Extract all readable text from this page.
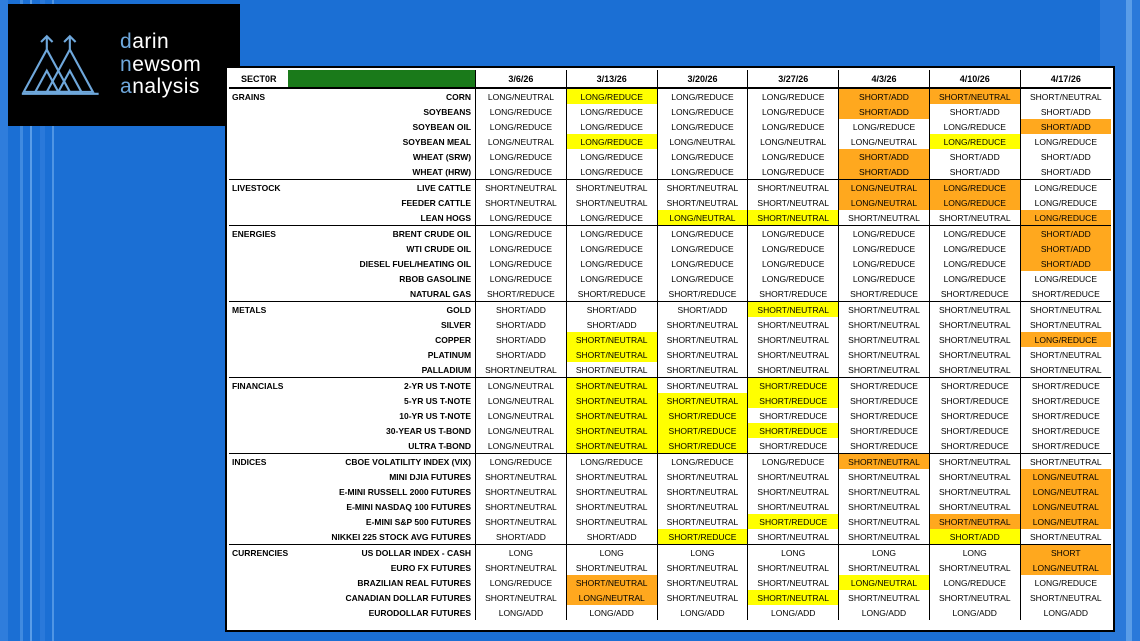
darin
newsom
analysis	SECT0R		3/6/26	3/13/26	3/20/26	3/27/26	4/3/26	4/10/26	4/17/26
GRAINS	CORN	LONG/NEUTRAL	LONG/REDUCE	LONG/REDUCE	LONG/REDUCE	SHORT/ADD	SHORT/NEUTRAL	SHORT/NEUTRAL
	SOYBEANS	LONG/REDUCE	LONG/REDUCE	LONG/REDUCE	LONG/REDUCE	SHORT/ADD	SHORT/ADD	SHORT/ADD
	SOYBEAN OIL	LONG/REDUCE	LONG/REDUCE	LONG/REDUCE	LONG/REDUCE	LONG/REDUCE	LONG/REDUCE	SHORT/ADD
	SOYBEAN MEAL	LONG/NEUTRAL	LONG/REDUCE	LONG/NEUTRAL	LONG/NEUTRAL	LONG/NEUTRAL	LONG/REDUCE	LONG/REDUCE
	WHEAT (SRW)	LONG/REDUCE	LONG/REDUCE	LONG/REDUCE	LONG/REDUCE	SHORT/ADD	SHORT/ADD	SHORT/ADD
	WHEAT (HRW)	LONG/REDUCE	LONG/REDUCE	LONG/REDUCE	LONG/REDUCE	SHORT/ADD	SHORT/ADD	SHORT/ADD
LIVESTOCK	LIVE CATTLE	SHORT/NEUTRAL	SHORT/NEUTRAL	SHORT/NEUTRAL	SHORT/NEUTRAL	LONG/NEUTRAL	LONG/REDUCE	LONG/REDUCE
	FEEDER CATTLE	SHORT/NEUTRAL	SHORT/NEUTRAL	SHORT/NEUTRAL	SHORT/NEUTRAL	LONG/NEUTRAL	LONG/REDUCE	LONG/REDUCE
	LEAN HOGS	LONG/REDUCE	LONG/REDUCE	LONG/NEUTRAL	SHORT/NEUTRAL	SHORT/NEUTRAL	SHORT/NEUTRAL	LONG/REDUCE
ENERGIES	BRENT CRUDE OIL	LONG/REDUCE	LONG/REDUCE	LONG/REDUCE	LONG/REDUCE	LONG/REDUCE	LONG/REDUCE	SHORT/ADD
	WTI CRUDE OIL	LONG/REDUCE	LONG/REDUCE	LONG/REDUCE	LONG/REDUCE	LONG/REDUCE	LONG/REDUCE	SHORT/ADD
	DIESEL FUEL/HEATING OIL	LONG/REDUCE	LONG/REDUCE	LONG/REDUCE	LONG/REDUCE	LONG/REDUCE	LONG/REDUCE	SHORT/ADD
	RBOB GASOLINE	LONG/REDUCE	LONG/REDUCE	LONG/REDUCE	LONG/REDUCE	LONG/REDUCE	LONG/REDUCE	LONG/REDUCE
	NATURAL GAS	SHORT/REDUCE	SHORT/REDUCE	SHORT/REDUCE	SHORT/REDUCE	SHORT/REDUCE	SHORT/REDUCE	SHORT/REDUCE
METALS	GOLD	SHORT/ADD	SHORT/ADD	SHORT/ADD	SHORT/NEUTRAL	SHORT/NEUTRAL	SHORT/NEUTRAL	SHORT/NEUTRAL
	SILVER	SHORT/ADD	SHORT/ADD	SHORT/NEUTRAL	SHORT/NEUTRAL	SHORT/NEUTRAL	SHORT/NEUTRAL	SHORT/NEUTRAL
	COPPER	SHORT/ADD	SHORT/NEUTRAL	SHORT/NEUTRAL	SHORT/NEUTRAL	SHORT/NEUTRAL	SHORT/NEUTRAL	LONG/REDUCE
	PLATINUM	SHORT/ADD	SHORT/NEUTRAL	SHORT/NEUTRAL	SHORT/NEUTRAL	SHORT/NEUTRAL	SHORT/NEUTRAL	SHORT/NEUTRAL
	PALLADIUM	SHORT/NEUTRAL	SHORT/NEUTRAL	SHORT/NEUTRAL	SHORT/NEUTRAL	SHORT/NEUTRAL	SHORT/NEUTRAL	SHORT/NEUTRAL
FINANCIALS	2-YR US T-NOTE	LONG/NEUTRAL	SHORT/NEUTRAL	SHORT/NEUTRAL	SHORT/REDUCE	SHORT/REDUCE	SHORT/REDUCE	SHORT/REDUCE
	5-YR US T-NOTE	LONG/NEUTRAL	SHORT/NEUTRAL	SHORT/NEUTRAL	SHORT/REDUCE	SHORT/REDUCE	SHORT/REDUCE	SHORT/REDUCE
	10-YR US T-NOTE	LONG/NEUTRAL	SHORT/NEUTRAL	SHORT/REDUCE	SHORT/REDUCE	SHORT/REDUCE	SHORT/REDUCE	SHORT/REDUCE
	30-YEAR US T-BOND	LONG/NEUTRAL	SHORT/NEUTRAL	SHORT/REDUCE	SHORT/REDUCE	SHORT/REDUCE	SHORT/REDUCE	SHORT/REDUCE
	ULTRA T-BOND	LONG/NEUTRAL	SHORT/NEUTRAL	SHORT/REDUCE	SHORT/REDUCE	SHORT/REDUCE	SHORT/REDUCE	SHORT/REDUCE
INDICES	CBOE VOLATILITY INDEX (VIX)	LONG/REDUCE	LONG/REDUCE	LONG/REDUCE	LONG/REDUCE	SHORT/NEUTRAL	SHORT/NEUTRAL	SHORT/NEUTRAL
	MINI DJIA FUTURES	SHORT/NEUTRAL	SHORT/NEUTRAL	SHORT/NEUTRAL	SHORT/NEUTRAL	SHORT/NEUTRAL	SHORT/NEUTRAL	LONG/NEUTRAL
	E-MINI RUSSELL 2000 FUTURES	SHORT/NEUTRAL	SHORT/NEUTRAL	SHORT/NEUTRAL	SHORT/NEUTRAL	SHORT/NEUTRAL	SHORT/NEUTRAL	LONG/NEUTRAL
	E-MINI NASDAQ 100 FUTURES	SHORT/NEUTRAL	SHORT/NEUTRAL	SHORT/NEUTRAL	SHORT/NEUTRAL	SHORT/NEUTRAL	SHORT/NEUTRAL	LONG/NEUTRAL
	E-MINI S&P 500 FUTURES	SHORT/NEUTRAL	SHORT/NEUTRAL	SHORT/NEUTRAL	SHORT/REDUCE	SHORT/NEUTRAL	SHORT/NEUTRAL	LONG/NEUTRAL
	NIKKEI 225 STOCK AVG FUTURES	SHORT/ADD	SHORT/ADD	SHORT/REDUCE	SHORT/NEUTRAL	SHORT/NEUTRAL	SHORT/ADD	SHORT/NEUTRAL
CURRENCIES	US DOLLAR INDEX - CASH	LONG	LONG	LONG	LONG	LONG	LONG	SHORT
	EURO FX FUTURES	SHORT/NEUTRAL	SHORT/NEUTRAL	SHORT/NEUTRAL	SHORT/NEUTRAL	SHORT/NEUTRAL	SHORT/NEUTRAL	LONG/NEUTRAL
	BRAZILIAN REAL FUTURES	LONG/REDUCE	SHORT/NEUTRAL	SHORT/NEUTRAL	SHORT/NEUTRAL	LONG/NEUTRAL	LONG/REDUCE	LONG/REDUCE
	CANADIAN DOLLAR FUTURES	SHORT/NEUTRAL	LONG/NEUTRAL	SHORT/NEUTRAL	SHORT/NEUTRAL	SHORT/NEUTRAL	SHORT/NEUTRAL	SHORT/NEUTRAL
	EURODOLLAR FUTURES	LONG/ADD	LONG/ADD	LONG/ADD	LONG/ADD	LONG/ADD	LONG/ADD	LONG/ADD
